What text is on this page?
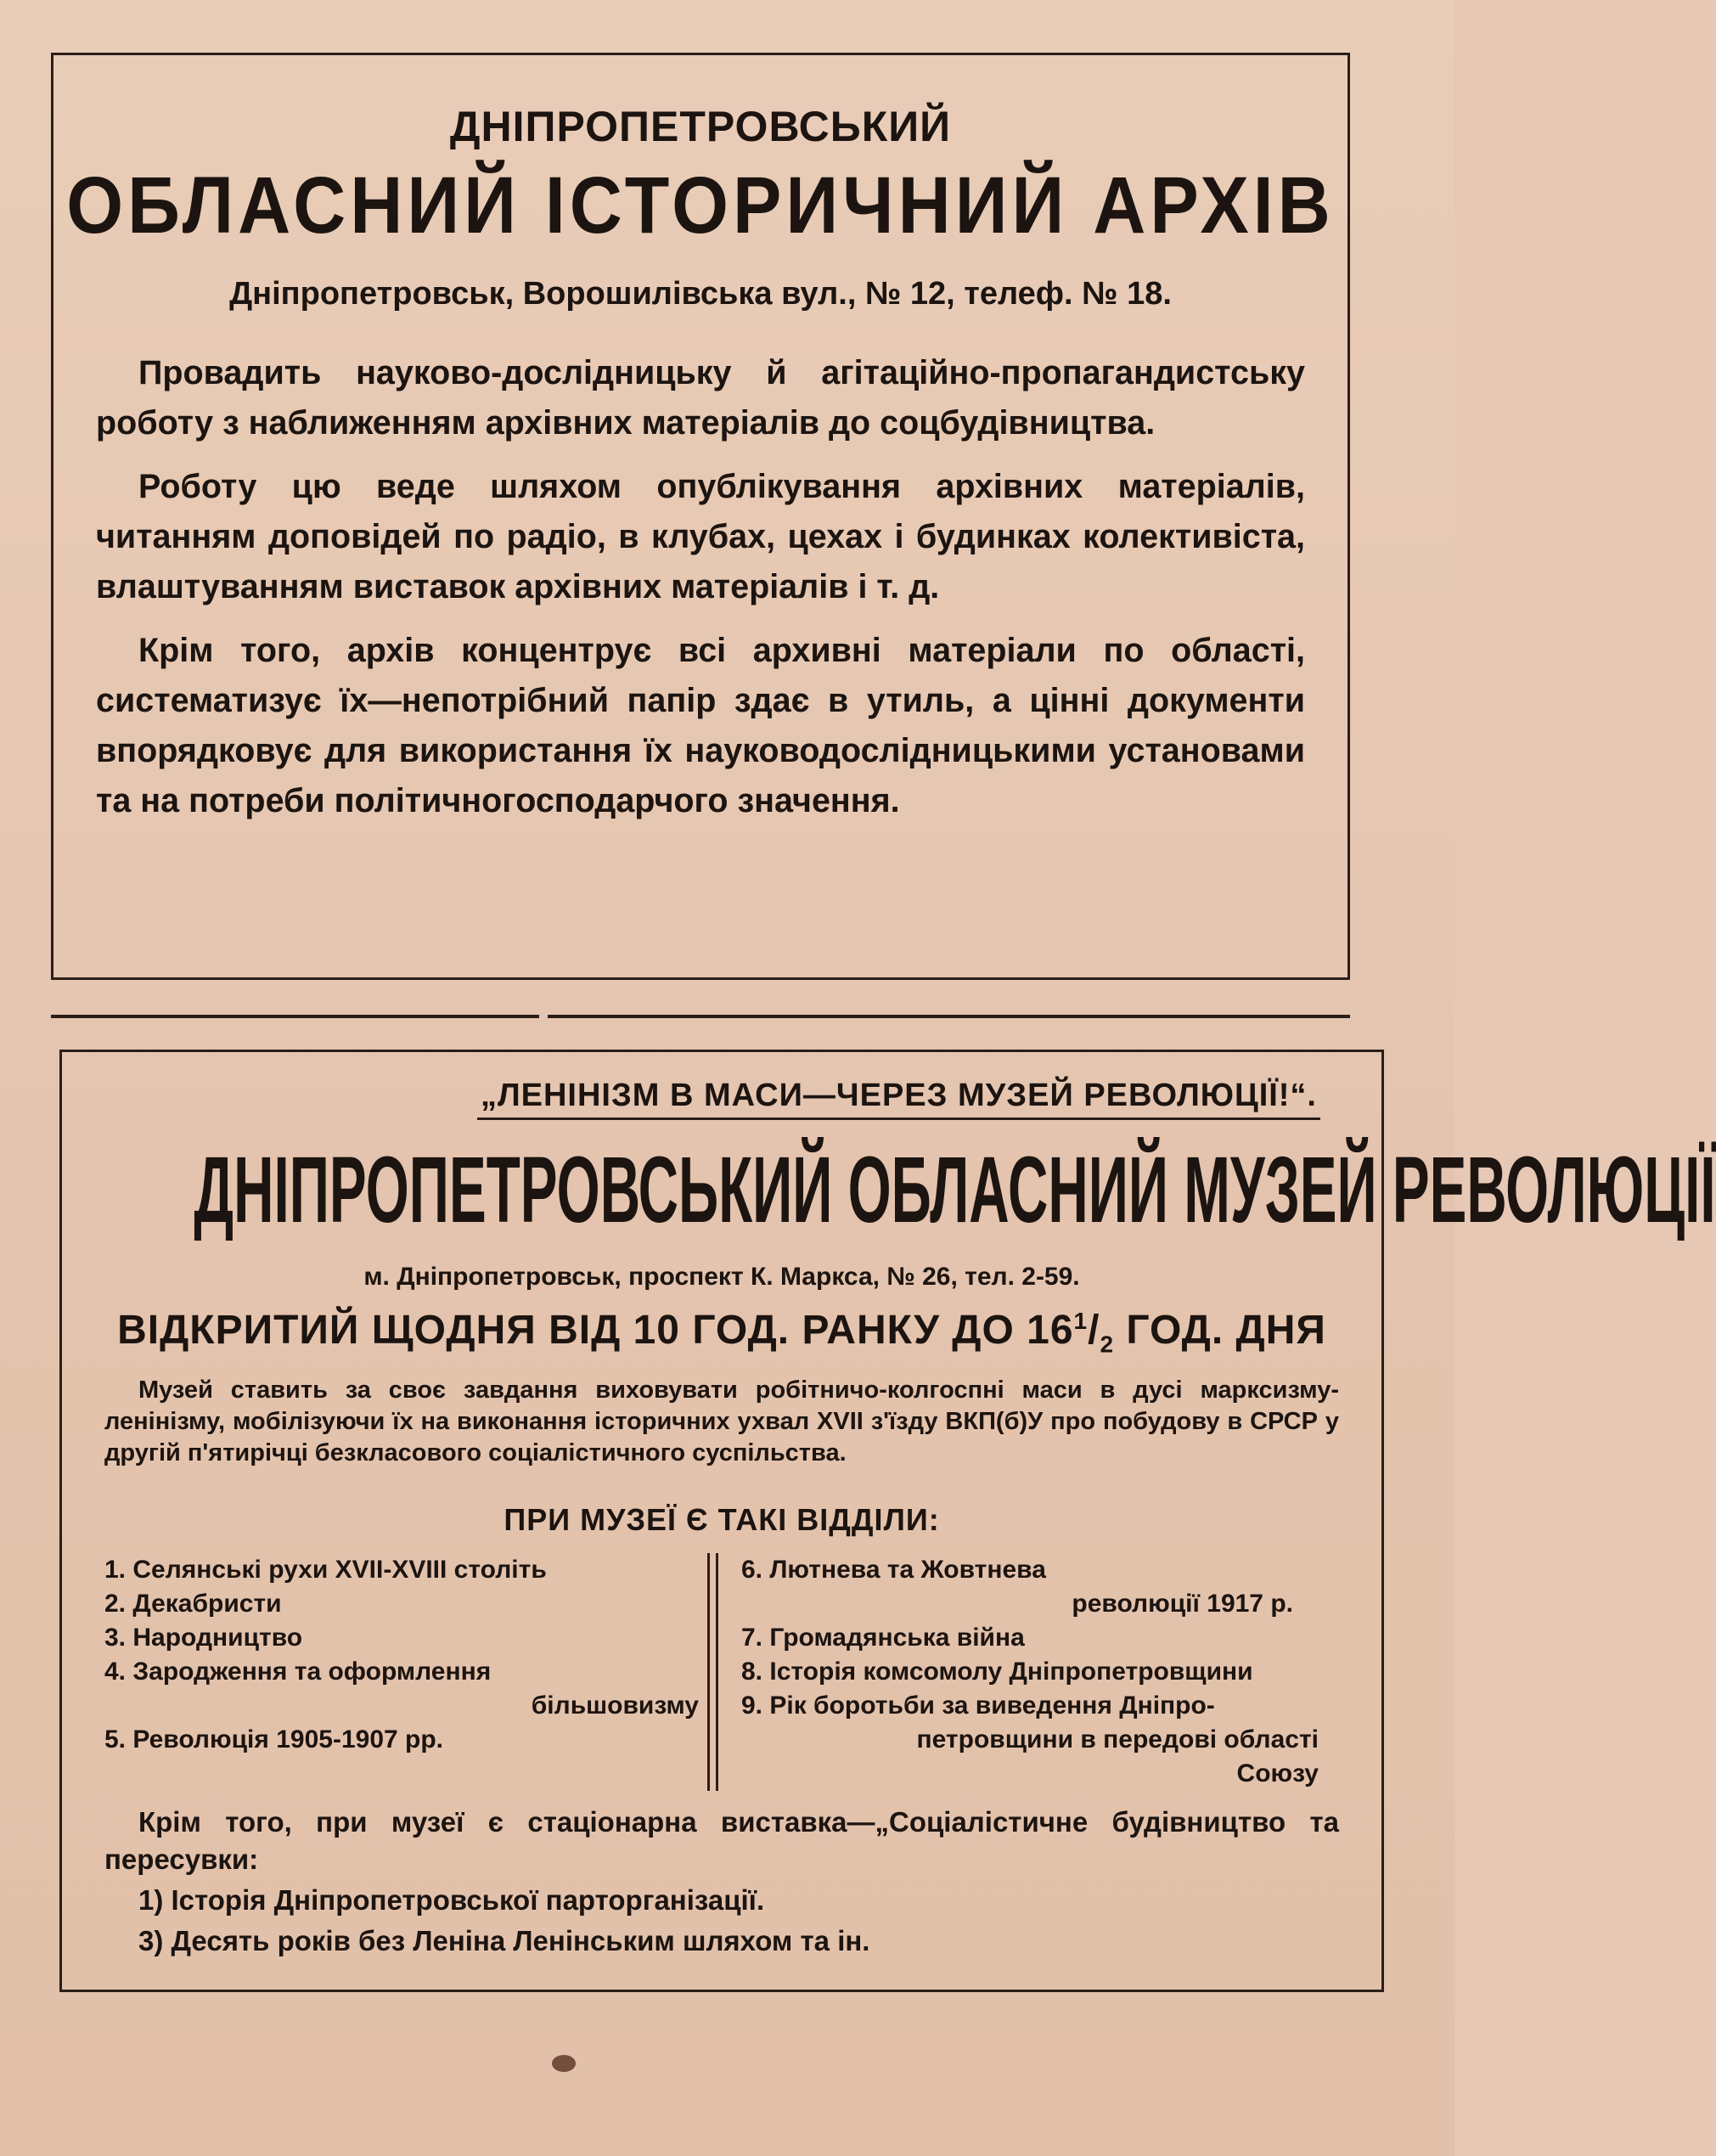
ДНІПРОПЕТРОВСЬКИЙ
ОБЛАСНИЙ ІСТОРИЧНИЙ АРХІВ
Дніпропетровськ, Ворошилівська вул., № 12, телеф. № 18.

Провадить науково-дослідницьку й агітаційно-пропагандистську роботу з наближенням архівних матеріалів до соцбудівництва.

Роботу цю веде шляхом опублікування архівних матеріалів, читанням доповідей по радіо, в клубах, цехах і будинках колективіста, влаштуванням виставок архівних матеріалів і т. д.

Крім того, архів концентрує всі архивні матеріали по області, систематизує їх—непотрібний папір здає в утиль, а цінні документи впорядковує для використання їх науководослідницькими установами та на потреби політичногосподарчого значення.

„ЛЕНІНІЗМ В МАСИ—ЧЕРЕЗ МУЗЕЙ РЕВОЛЮЦІЇ!“.
ДНІПРОПЕТРОВСЬКИЙ ОБЛАСНИЙ МУЗЕЙ РЕВОЛЮЦІЇ
м. Дніпропетровськ, проспект К. Маркса, № 26, тел. 2-59.
ВІДКРИТИЙ ЩОДНЯ ВІД 10 ГОД. РАНКУ ДО $16^1/_2$ ГОД. ДНЯ
Музей ставить за своє завдання виховувати робітничо-колгоспні маси в дусі марксизму-ленінізму, мобілізуючи їх на виконання історичних ухвал XVII з'їзду ВКП(б)У про побудову в СРСР у другій п'ятирічці безкласового соціалістичного суспільства.
ПРИ МУЗЕЇ Є ТАКІ ВІДДІЛИ:
1. Селянські рухи XVII-XVIII століть
2. Декабристи
3. Народництво
4. Зародження та оформлення
більшовизму
5. Революція 1905-1907 рр.
6. Лютнева та Жовтнева
революції 1917 р.
7. Громадянська війна
8. Історія комсомолу Дніпропетровщини
9. Рік боротьби за виведення Дніпро-
петровщини в передові області
Союзу

Крім того, при музеї є стаціонарна виставка—„Соціалістичне будівництво та пересувки:

1) Історія Дніпропетровської парторганізації.
3) Десять років без Леніна Ленінським шляхом та ін.
